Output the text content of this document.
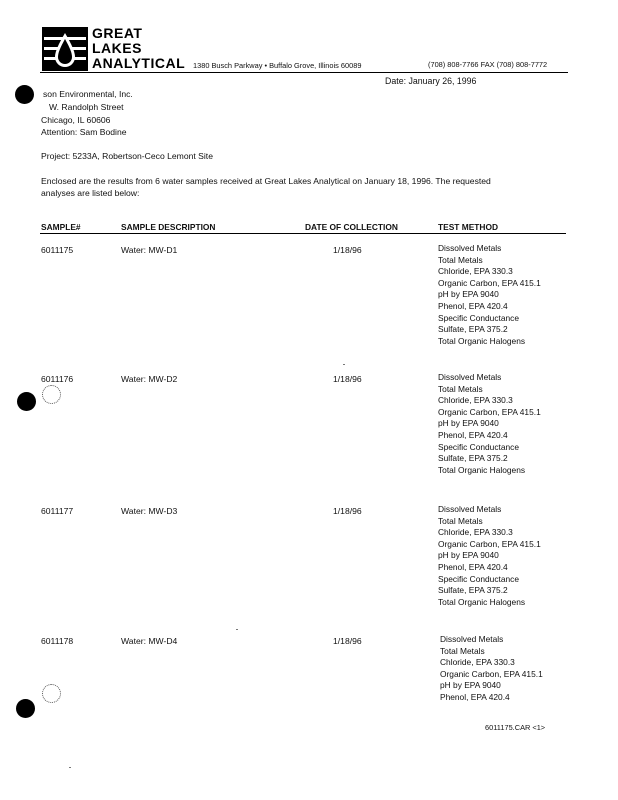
GREAT
LAKES
ANALYTICAL 1380 Busch Parkway • Buffalo Grove, Illinois 60089	(708) 808-7766 FAX (708) 808-7772
Date: January 26, 1996
son Environmental, Inc.
W. Randolph Street
Chicago, IL 60606
Attention: Sam Bodine
Project: 5233A, Robertson-Ceco Lemont Site
Enclosed are the results from 6 water samples received at Great Lakes Analytical on January 18, 1996. The requested
analyses are listed below:
SAMPLE#	SAMPLE DESCRIPTION	DATE OF COLLECTION	TEST METHOD
6011175	Water: MW-D1	1/18/96	Dissolved Metals
Total Metals
Chloride, EPA 330.3
Organic Carbon, EPA 415.1
pH by EPA 9040
Phenol, EPA 420.4
Specific Conductance
Sulfate, EPA 375.2
Total Organic Halogens
6011176	Water: MW-D2	1/18/96	Dissolved Metals
Total Metals
Chloride, EPA 330.3
Organic Carbon, EPA 415.1
pH by EPA 9040
Phenol, EPA 420.4
Specific Conductance
Sulfate, EPA 375.2
Total Organic Halogens
6011177	Water: MW-D3	1/18/96	Dissolved Metals
Total Metals
Chloride, EPA 330.3
Organic Carbon, EPA 415.1
pH by EPA 9040
Phenol, EPA 420.4
Specific Conductance
Sulfate, EPA 375.2
Total Organic Halogens
6011178	Water: MW-D4	1/18/96	Dissolved Metals
Total Metals
Chloride, EPA 330.3
Organic Carbon, EPA 415.1
pH by EPA 9040
Phenol, EPA 420.4
6011175.CAR <1>
